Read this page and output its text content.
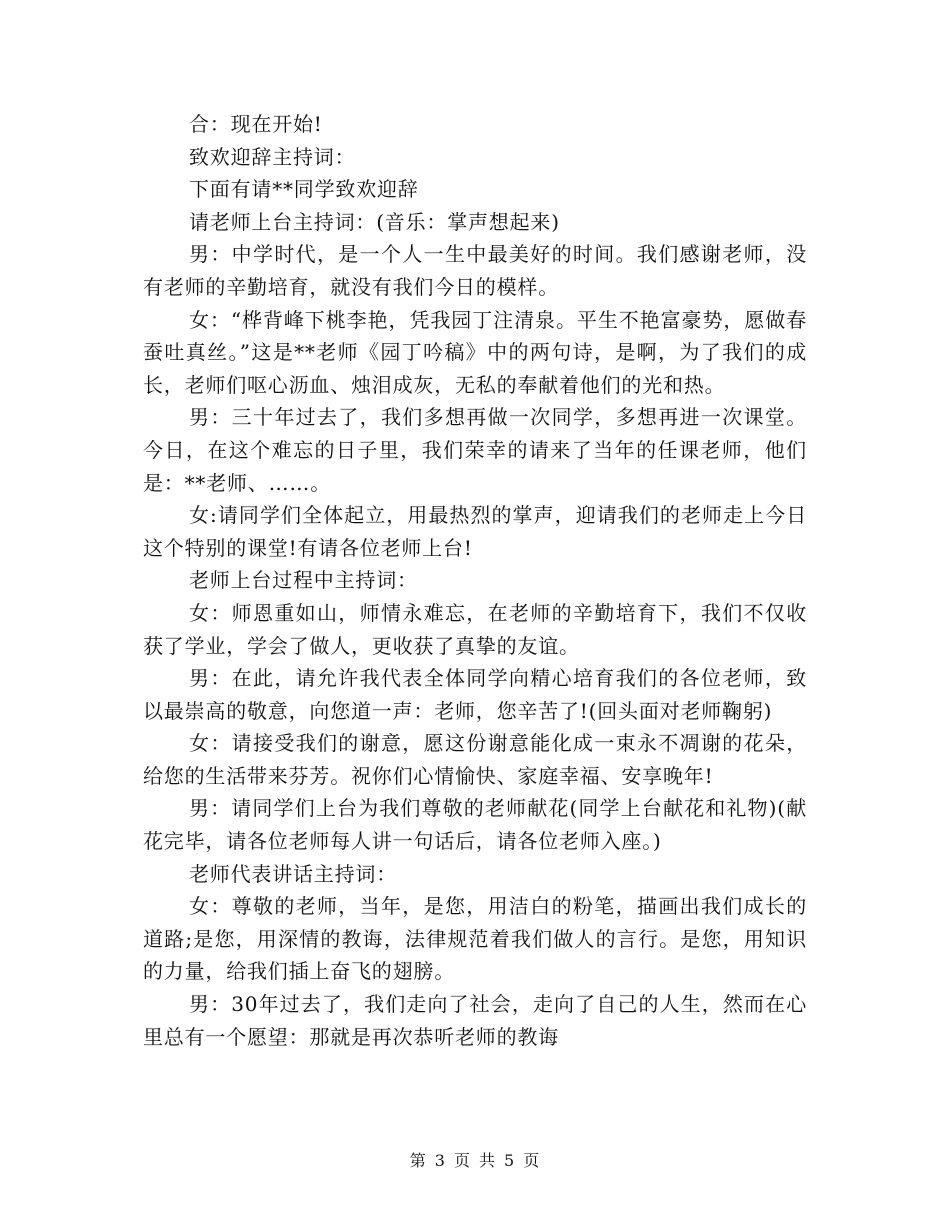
合：现在开始!

致欢迎辞主持词：

下面有请**同学致欢迎辞

请老师上台主持词：(音乐：掌声想起来)

男：中学时代，是一个人一生中最美好的时间。我们感谢老师，没有老师的辛勤培育，就没有我们今日的模样。

女：“桦背峰下桃李艳，凭我园丁注清泉。平生不艳富豪势，愿做春蚕吐真丝。”这是**老师《园丁吟稿》中的两句诗，是啊，为了我们的成长，老师们呕心沥血、烛泪成灰，无私的奉献着他们的光和热。

男：三十年过去了，我们多想再做一次同学，多想再进一次课堂。今日，在这个难忘的日子里，我们荣幸的请来了当年的任课老师，他们是：**老师、……。

女:请同学们全体起立，用最热烈的掌声，迎请我们的老师走上今日这个特别的课堂!有请各位老师上台!

老师上台过程中主持词：

女：师恩重如山，师情永难忘，在老师的辛勤培育下，我们不仅收获了学业，学会了做人，更收获了真挚的友谊。

男：在此，请允许我代表全体同学向精心培育我们的各位老师，致以最崇高的敬意，向您道一声：老师，您辛苦了!(回头面对老师鞠躬)

女：请接受我们的谢意，愿这份谢意能化成一束永不凋谢的花朵，给您的生活带来芬芳。祝你们心情愉快、家庭幸福、安享晚年!

男：请同学们上台为我们尊敬的老师献花(同学上台献花和礼物)(献花完毕，请各位老师每人讲一句话后，请各位老师入座。)

老师代表讲话主持词：

女：尊敬的老师，当年，是您，用洁白的粉笔，描画出我们成长的道路;是您，用深情的教诲，法律规范着我们做人的言行。是您，用知识的力量，给我们插上奋飞的翅膀。

男：30年过去了，我们走向了社会，走向了自己的人生，然而在心里总有一个愿望：那就是再次恭听老师的教诲

第 3 页 共 5 页
